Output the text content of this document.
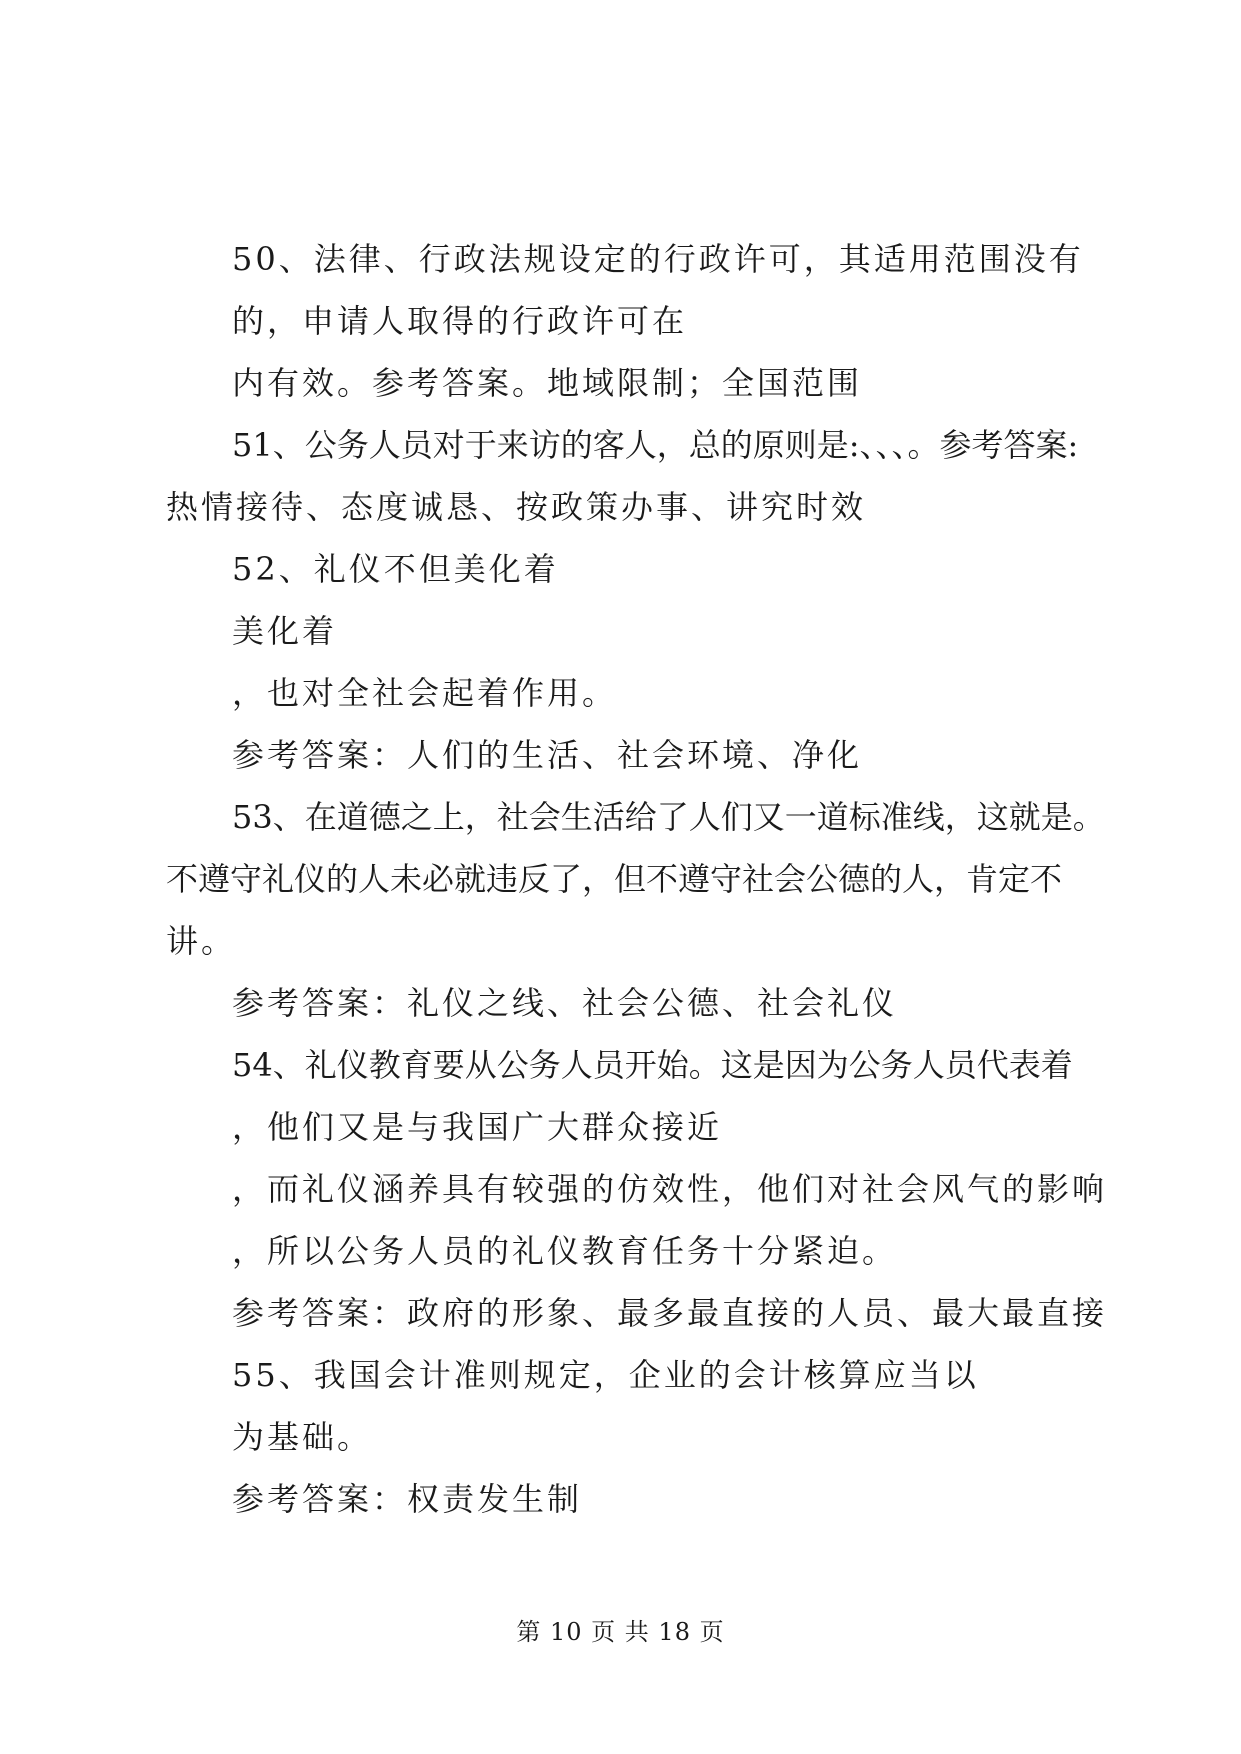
50、法律、行政法规设定的行政许可，其适用范围没有
的，申请人取得的行政许可在
内有效。参考答案。地域限制；全国范围
51、公务人员对于来访的客人，总的原则是:、、、。参考答案:
热情接待、态度诚恳、按政策办事、讲究时效
52、礼仪不但美化着
美化着
，也对全社会起着作用。
参考答案：人们的生活、社会环境、净化
53、在道德之上，社会生活给了人们又一道标准线，这就是。
不遵守礼仪的人未必就违反了，但不遵守社会公德的人，肯定不
讲。
参考答案：礼仪之线、社会公德、社会礼仪
54、礼仪教育要从公务人员开始。这是因为公务人员代表着
，他们又是与我国广大群众接近
，而礼仪涵养具有较强的仿效性，他们对社会风气的影响
，所以公务人员的礼仪教育任务十分紧迫。
参考答案：政府的形象、最多最直接的人员、最大最直接
55、我国会计准则规定，企业的会计核算应当以
为基础。
参考答案：权责发生制
第 10 页 共 18 页
